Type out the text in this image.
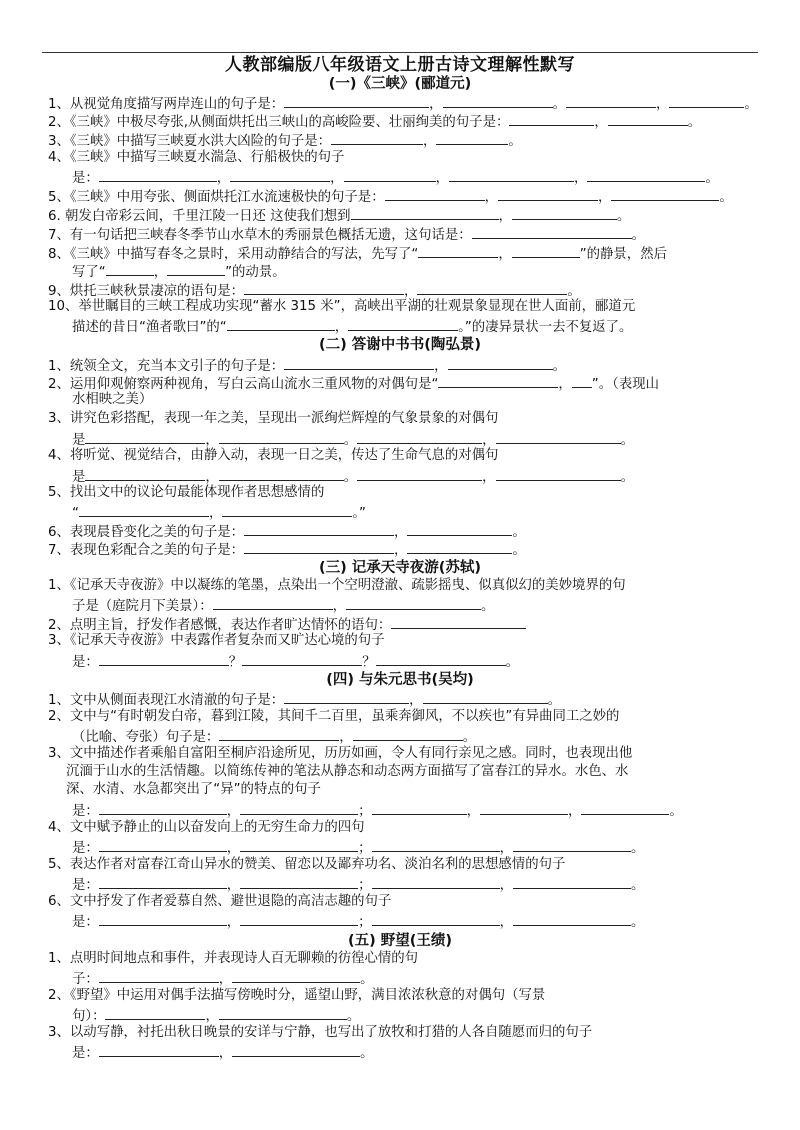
人教部编版八年级语文上册古诗文理解性默写
(一)《三峡》(郦道元)
1、从视觉角度描写两岸连山的句子是：	，	。	，	。
2、《三峡》中极尽夸张,从侧面烘托出三峡山的高峻险要、壮丽绚美的句子是：	，	。
3、《三峡》中描写三峡夏水洪大凶险的句子是：	，	。
4、《三峡》中描写三峡夏水湍急、行船极快的句子
是：	，	，	，	，	。
5、《三峡》中用夸张、侧面烘托江水流速极快的句子是：	，	，	。
6. 朝发白帝彩云间，千里江陵一日还 这使我们想到	，	。
7、有一句话把三峡春冬季节山水草木的秀丽景色概括无遗，这句话是：	。
8、《三峡》中描写春冬之景时，采用动静结合的写法，先写了“	，	”的静景，然后
写了“	，	”的动景。
9、烘托三峡秋景凄凉的语句是：	，	。
10、举世瞩目的三峡工程成功实现“蓄水 315 米”，高峡出平湖的壮观景象显现在世人面前，郦道元
描述的昔日“渔者歌曰”的“	，	。”的凄异景状一去不复返了。
(二) 答谢中书书(陶弘景)
1、统领全文，充当本文引子的句子是：	，	。
2、运用仰观俯察两种视角，写白云高山流水三重风物的对偶句是“	， ”。（表现山
水相映之美）
3、讲究色彩搭配，表现一年之美，呈现出一派绚烂辉煌的气象景象的对偶句
是	，	。	，	。
4、将听觉、视觉结合，由静入动，表现一日之美，传达了生命气息的对偶句
是	，	。	，	。
5、找出文中的议论句最能体现作者思想感情的
“	，	。”
6、表现晨昏变化之美的句子是：	，	。
7、表现色彩配合之美的句子是：	，	。
(三) 记承天寺夜游(苏轼)
1、《记承天寺夜游》中以凝练的笔墨，点染出一个空明澄澈、疏影摇曳、似真似幻的美妙境界的句
子是（庭院月下美景）：	，	。
2、点明主旨，抒发作者感慨，表达作者旷达情怀的语句：
3、《记承天寺夜游》中表露作者复杂而又旷达心境的句子
是：	？	？	。
(四) 与朱元思书(吴均)
1、文中从侧面表现江水清澈的句子是：	，	。
2、文中与“有时朝发白帝，暮到江陵，其间千二百里，虽乘奔御风，不以疾也”有异曲同工之妙的
（比喻、夸张）句子是：	，	。
3、文中描述作者乘船自富阳至桐庐沿途所见，历历如画，令人有同行亲见之感。同时，也表现出他
沉湎于山水的生活情趣。以简练传神的笔法从静态和动态两方面描写了富春江的异水。水色、水
深、水清、水急都突出了“异”的特点的句子
是：	，	；	，	，	。
4、文中赋予静止的山以奋发向上的无穷生命力的四句
是：	，	；	，	。
5、表达作者对富春江奇山异水的赞美、留恋以及鄙弃功名、淡泊名利的思想感情的句子
是：	，	；	，	。
6、文中抒发了作者爱慕自然、避世退隐的高洁志趣的句子
是：	，	；	，	。
(五) 野望(王绩)
1、点明时间地点和事件，并表现诗人百无聊赖的彷徨心情的句
子：	，	。
2、《野望》中运用对偶手法描写傍晚时分，遥望山野，满目浓浓秋意的对偶句（写景
句）：	，	。
3、以动写静，衬托出秋日晚景的安详与宁静，也写出了放牧和打猎的人各自随愿而归的句子
是：	，	。
